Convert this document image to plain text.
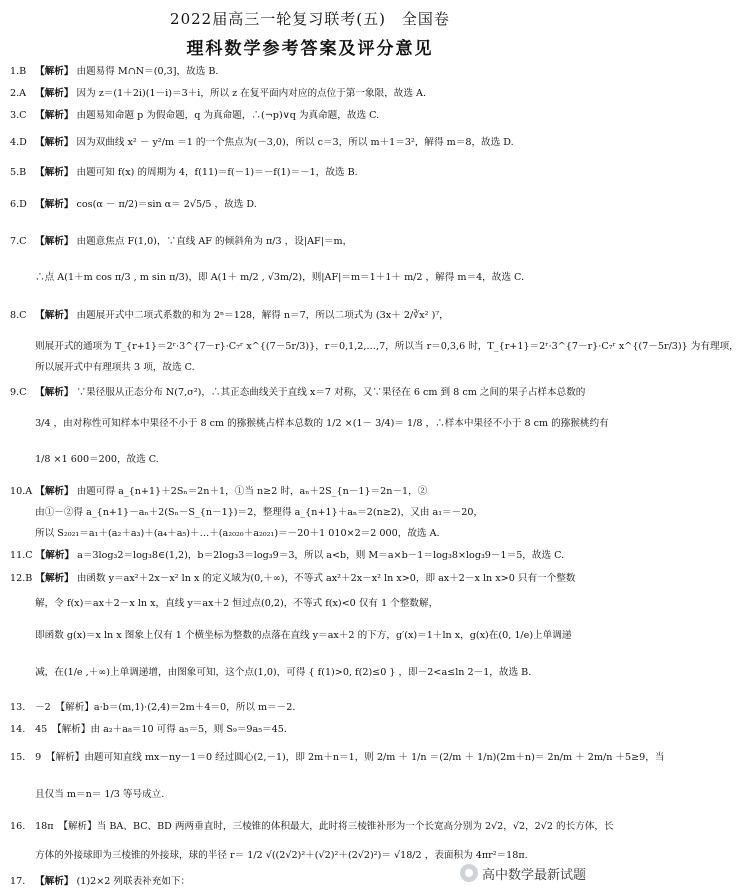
2022届高三一轮复习联考(五)　全国卷
理科数学参考答案及评分意见
1.B 【解析】 由题易得 M∩N＝(0,3]，故选 B.
2.A 【解析】 因为 z＝(1＋2i)(1－i)＝3＋i，所以 z 在复平面内对应的点位于第一象限，故选 A.
3.C 【解析】 由题易知命题 p 为假命题，q 为真命题，∴(¬p)∨q 为真命题，故选 C.
4.D 【解析】 因为双曲线 x² － y²/m ＝1 的一个焦点为(－3,0)，所以 c＝3，所以 m＋1＝3²，解得 m＝8，故选 D.
5.B 【解析】 由题可知 f(x) 的周期为 4，f(11)＝f(－1)＝－f(1)＝－1，故选 B.
6.D 【解析】 cos(α － π/2)＝sin α＝ 2√5/5 ，故选 D.
7.C 【解析】 由题意焦点 F(1,0)，∵直线 AF 的倾斜角为 π/3 ，设|AF|＝m，
∴点 A(1＋m cos π/3 , m sin π/3)，即 A(1＋ m/2 , √3m/2)，则|AF|＝m＝1＋1＋ m/2 ，解得 m＝4，故选 C.
8.C 【解析】 由题展开式中二项式系数的和为 2ⁿ＝128，解得 n＝7，所以二项式为 (3x＋ 2/∛x² )⁷，
则展开式的通项为 T_{r+1}＝2ʳ·3^{7－r}·C₇ʳ x^{(7－5r/3)}，r＝0,1,2,…,7，所以当 r＝0,3,6 时，T_{r+1}＝2ʳ·3^{7－r}·C₇ʳ x^{(7－5r/3)} 为有理项，
所以展开式中有理项共 3 项，故选 C.
9.C 【解析】 ∵果径服从正态分布 N(7,σ²)，∴其正态曲线关于直线 x＝7 对称，又∵果径在 6 cm 到 8 cm 之间的果子占样本总数的
3/4 ，由对称性可知样本中果径不小于 8 cm 的猕猴桃占样本总数的 1/2 ×(1－ 3/4)＝ 1/8 ，∴样本中果径不小于 8 cm 的猕猴桃约有
1/8 ×1 600＝200，故选 C.
10.A 【解析】 由题可得 a_{n+1}＋2Sₙ＝2n＋1，①当 n≥2 时，aₙ＋2S_{n－1}＝2n－1，②
由①－②得 a_{n+1}－aₙ＋2(Sₙ－S_{n－1})＝2，整理得 a_{n+1}＋aₙ＝2(n≥2)，又由 a₁＝－20，
所以 S₂₀₂₁＝a₁＋(a₂＋a₃)＋(a₄＋a₅)＋…＋(a₂₀₂₀＋a₂₀₂₁)＝－20＋1 010×2＝2 000，故选 A.
11.C 【解析】 a＝3log₃2＝log₃8∈(1,2)，b＝2log₃3＝log₃9＝3，所以 a<b，则 M＝a×b－1＝log₃8×log₃9－1＝5，故选 C.
12.B 【解析】 由函数 y＝ax²＋2x－x² ln x 的定义域为(0,＋∞)，不等式 ax²＋2x－x² ln x>0，即 ax＋2－x ln x>0 只有一个整数
解，令 f(x)＝ax＋2－x ln x，直线 y＝ax＋2 恒过点(0,2)，不等式 f(x)<0 仅有 1 个整数解，
即函数 g(x)＝x ln x 图象上仅有 1 个横坐标为整数的点落在直线 y＝ax＋2 的下方，g′(x)＝1＋ln x，g(x)在(0, 1/e)上单调递
减，在(1/e ,＋∞)上单调递增，由图象可知，这个点(1,0)，可得 { f(1)>0, f(2)≤0 } ，即－2<a≤ln 2－1，故选 B.
13. －2　【解析】a·b＝(m,1)·(2,4)＝2m＋4＝0，所以 m＝－2.
14. 45　【解析】由 a₂＋a₈＝10 可得 a₅＝5，则 S₉＝9a₅＝45.
15. 9　【解析】由题可知直线 mx－ny－1＝0 经过圆心(2,－1)，即 2m＋n＝1，则 2/m ＋ 1/n ＝(2/m ＋ 1/n)(2m＋n)＝ 2n/m ＋ 2m/n ＋5≥9，当
且仅当 m＝n＝ 1/3 等号成立.
16. 18π　【解析】当 BA、BC、BD 两两垂直时，三棱锥的体积最大，此时将三棱锥补形为一个长宽高分别为 2√2，√2，2√2 的长方体，长
方体的外接球即为三棱锥的外接球，球的半径 r＝ 1/2 √((2√2)²＋(√2)²＋(2√2)²)＝ √18/2 ，表面积为 4πr²＝18π.
17. 【解析】 (1)2×2 列联表补充如下：	高中数学最新试题
